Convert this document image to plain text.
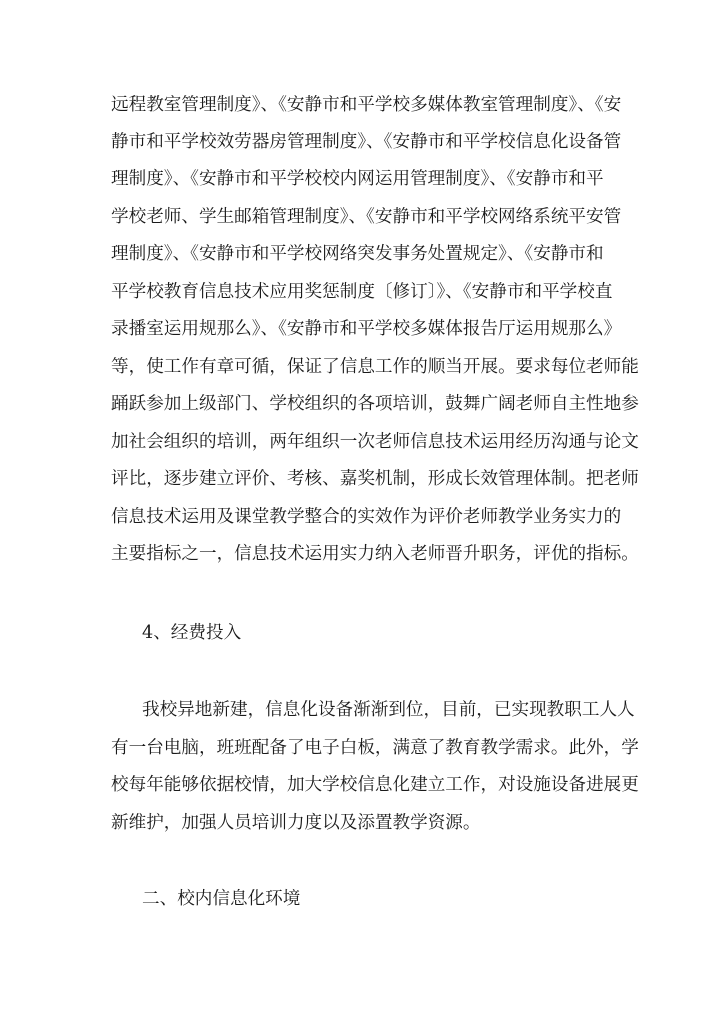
远程教室管理制度》、《安静市和平学校多媒体教室管理制度》、《安
静市和平学校效劳器房管理制度》、《安静市和平学校信息化设备管
理制度》、《安静市和平学校校内网运用管理制度》、《安静市和平
学校老师、学生邮箱管理制度》、《安静市和平学校网络系统平安管
理制度》、《安静市和平学校网络突发事务处置规定》、《安静市和
平学校教育信息技术应用奖惩制度〔修订〕》、《安静市和平学校直
录播室运用规那么》、《安静市和平学校多媒体报告厅运用规那么》
等，使工作有章可循，保证了信息工作的顺当开展。要求每位老师能
踊跃参加上级部门、学校组织的各项培训，鼓舞广阔老师自主性地参
加社会组织的培训，两年组织一次老师信息技术运用经历沟通与论文
评比，逐步建立评价、考核、嘉奖机制，形成长效管理体制。把老师
信息技术运用及课堂教学整合的实效作为评价老师教学业务实力的
主要指标之一，信息技术运用实力纳入老师晋升职务，评优的指标。
4、经费投入
我校异地新建，信息化设备渐渐到位，目前，已实现教职工人人
有一台电脑，班班配备了电子白板，满意了教育教学需求。此外，学
校每年能够依据校情，加大学校信息化建立工作，对设施设备进展更
新维护，加强人员培训力度以及添置教学资源。
二、校内信息化环境
